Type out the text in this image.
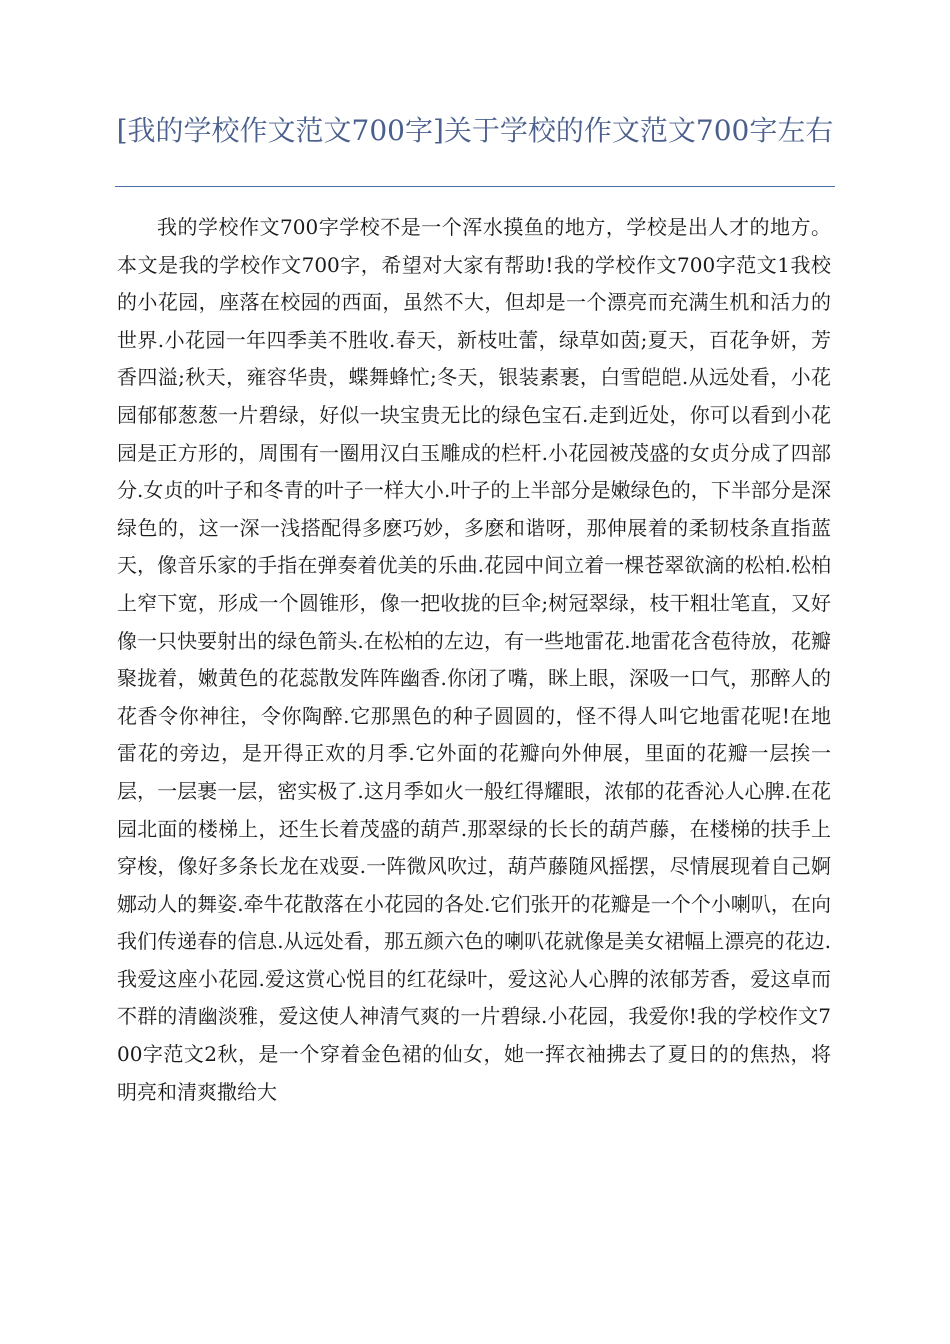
[我的学校作文范文700字]关于学校的作文范文700字左右

我的学校作文700字学校不是一个浑水摸鱼的地方，学校是出人才的地方。本文是我的学校作文700字，希望对大家有帮助!我的学校作文700字范文1我校的小花园，座落在校园的西面，虽然不大，但却是一个漂亮而充满生机和活力的世界.小花园一年四季美不胜收.春天，新枝吐蕾，绿草如茵;夏天，百花争妍，芳香四溢;秋天，雍容华贵，蝶舞蜂忙;冬天，银装素裹，白雪皑皑.从远处看，小花园郁郁葱葱一片碧绿，好似一块宝贵无比的绿色宝石.走到近处，你可以看到小花园是正方形的，周围有一圈用汉白玉雕成的栏杆.小花园被茂盛的女贞分成了四部分.女贞的叶子和冬青的叶子一样大小.叶子的上半部分是嫩绿色的，下半部分是深绿色的，这一深一浅搭配得多麽巧妙，多麽和谐呀，那伸展着的柔韧枝条直指蓝天，像音乐家的手指在弹奏着优美的乐曲.花园中间立着一棵苍翠欲滴的松柏.松柏上窄下宽，形成一个圆锥形，像一把收拢的巨伞;树冠翠绿，枝干粗壮笔直，又好像一只快要射出的绿色箭头.在松柏的左边，有一些地雷花.地雷花含苞待放，花瓣聚拢着，嫩黄色的花蕊散发阵阵幽香.你闭了嘴，眯上眼，深吸一口气，那醉人的花香令你神往，令你陶醉.它那黑色的种子圆圆的，怪不得人叫它地雷花呢!在地雷花的旁边，是开得正欢的月季.它外面的花瓣向外伸展，里面的花瓣一层挨一层，一层裹一层，密实极了.这月季如火一般红得耀眼，浓郁的花香沁人心脾.在花园北面的楼梯上，还生长着茂盛的葫芦.那翠绿的长长的葫芦藤，在楼梯的扶手上穿梭，像好多条长龙在戏耍.一阵微风吹过，葫芦藤随风摇摆，尽情展现着自己婀娜动人的舞姿.牵牛花散落在小花园的各处.它们张开的花瓣是一个个小喇叭，在向我们传递春的信息.从远处看，那五颜六色的喇叭花就像是美女裙幅上漂亮的花边.我爱这座小花园.爱这赏心悦目的红花绿叶，爱这沁人心脾的浓郁芳香，爱这卓而不群的清幽淡雅，爱这使人神清气爽的一片碧绿.小花园，我爱你!我的学校作文700字范文2秋，是一个穿着金色裙的仙女，她一挥衣袖拂去了夏日的的焦热，将明亮和清爽撒给大
